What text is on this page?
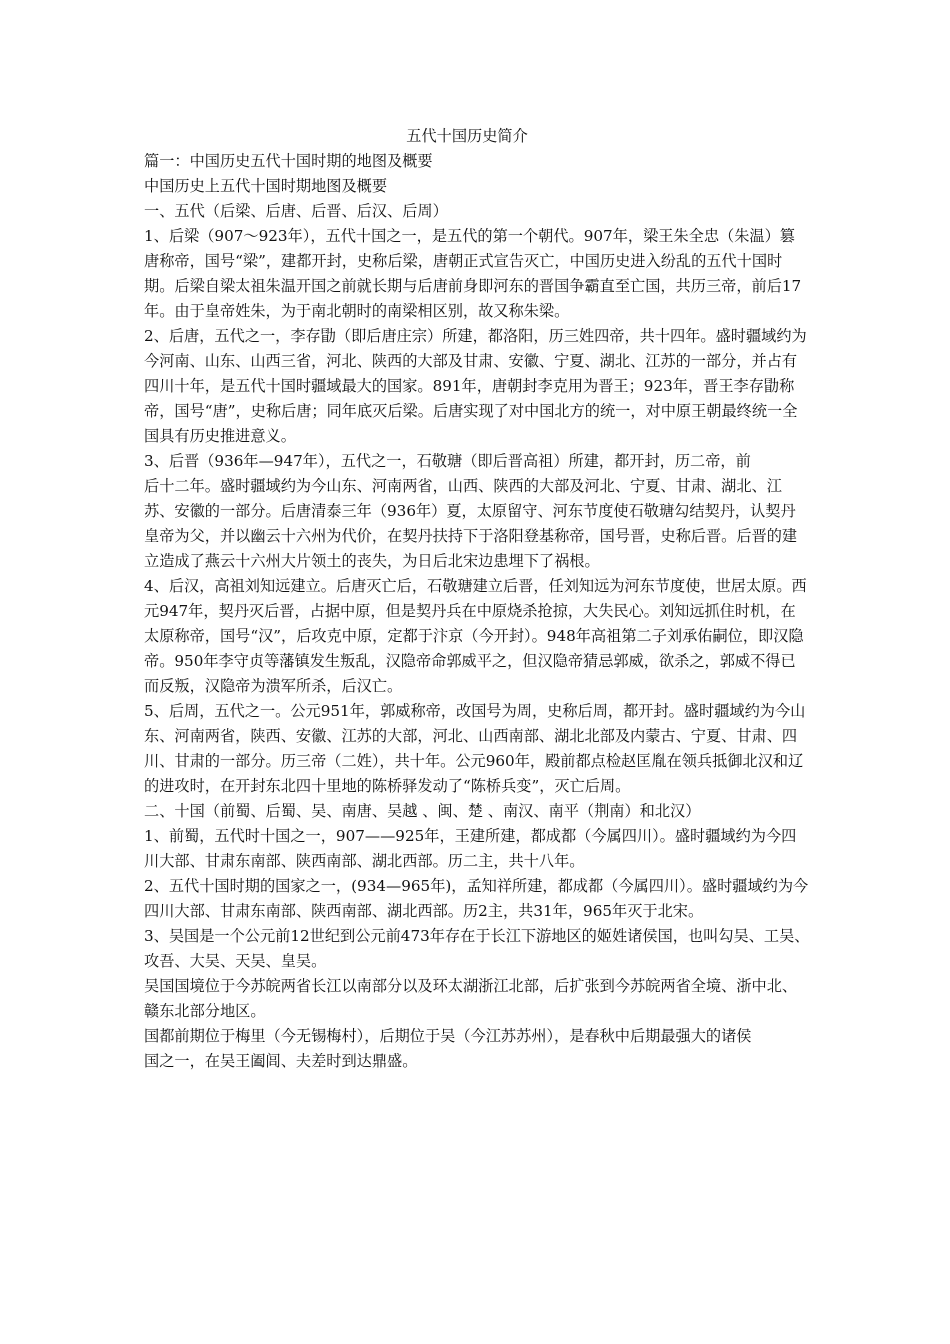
五代十国历史简介
篇一：中国历史五代十国时期的地图及概要
中国历史上五代十国时期地图及概要
一、五代（后梁、后唐、后晋、后汉、后周）
1、后梁（907～923年），五代十国之一，是五代的第一个朝代。907年，梁王朱全忠（朱温）篡唐称帝，国号“梁”，建都开封，史称后梁，唐朝正式宣告灭亡，中国历史进入纷乱的五代十国时期。后梁自梁太祖朱温开国之前就长期与后唐前身即河东的晋国争霸直至亡国，共历三帝，前后17年。由于皇帝姓朱，为于南北朝时的南梁相区别，故又称朱梁。
2、后唐，五代之一，李存勖（即后唐庄宗）所建，都洛阳，历三姓四帝，共十四年。盛时疆域约为今河南、山东、山西三省，河北、陕西的大部及甘肃、安徽、宁夏、湖北、江苏的一部分，并占有四川十年，是五代十国时疆域最大的国家。891年，唐朝封李克用为晋王；923年，晋王李存勖称帝，国号“唐”，史称后唐；同年底灭后梁。后唐实现了对中国北方的统一，对中原王朝最终统一全国具有历史推进意义。
3、后晋（936年—947年），五代之一，石敬瑭（即后晋高祖）所建，都开封，历二帝，前
后十二年。盛时疆域约为今山东、河南两省，山西、陕西的大部及河北、宁夏、甘肃、湖北、江苏、安徽的一部分。后唐清泰三年（936年）夏，太原留守、河东节度使石敬瑭勾结契丹，认契丹皇帝为父，并以幽云十六州为代价，在契丹扶持下于洛阳登基称帝，国号晋，史称后晋。后晋的建立造成了燕云十六州大片领土的丧失，为日后北宋边患埋下了祸根。
4、后汉，高祖刘知远建立。后唐灭亡后，石敬瑭建立后晋，任刘知远为河东节度使，世居太原。西元947年，契丹灭后晋，占据中原，但是契丹兵在中原烧杀抢掠，大失民心。刘知远抓住时机，在太原称帝，国号“汉”，后攻克中原，定都于汴京（今开封）。948年高祖第二子刘承佑嗣位，即汉隐帝。950年李守贞等藩镇发生叛乱，汉隐帝命郭威平之，但汉隐帝猜忌郭威，欲杀之，郭威不得已而反叛，汉隐帝为溃军所杀，后汉亡。
5、后周，五代之一。公元951年，郭威称帝，改国号为周，史称后周，都开封。盛时疆域约为今山东、河南两省，陕西、安徽、江苏的大部，河北、山西南部、湖北北部及内蒙古、宁夏、甘肃、四川、甘肃的一部分。历三帝（二姓），共十年。公元960年，殿前都点检赵匡胤在领兵抵御北汉和辽的进攻时，在开封东北四十里地的陈桥驿发动了“陈桥兵变”，灭亡后周。
二、十国（前蜀、后蜀、吴、南唐、吴越 、闽、楚 、南汉、南平（荆南）和北汉）
1、前蜀，五代时十国之一，907——925年，王建所建，都成都（今属四川）。盛时疆域约为今四川大部、甘肃东南部、陕西南部、湖北西部。历二主，共十八年。
2、五代十国时期的国家之一，(934—965年)，孟知祥所建，都成都（今属四川）。盛时疆域约为今四川大部、甘肃东南部、陕西南部、湖北西部。历2主，共31年，965年灭于北宋。
3、吴国是一个公元前12世纪到公元前473年存在于长江下游地区的姬姓诸侯国，也叫勾吴、工吴、攻吾、大吴、天吴、皇吴。
吴国国境位于今苏皖两省长江以南部分以及环太湖浙江北部，后扩张到今苏皖两省全境、浙中北、赣东北部分地区。
国都前期位于梅里（今无锡梅村），后期位于吴（今江苏苏州），是春秋中后期最强大的诸侯
国之一，在吴王阖闾、夫差时到达鼎盛。
